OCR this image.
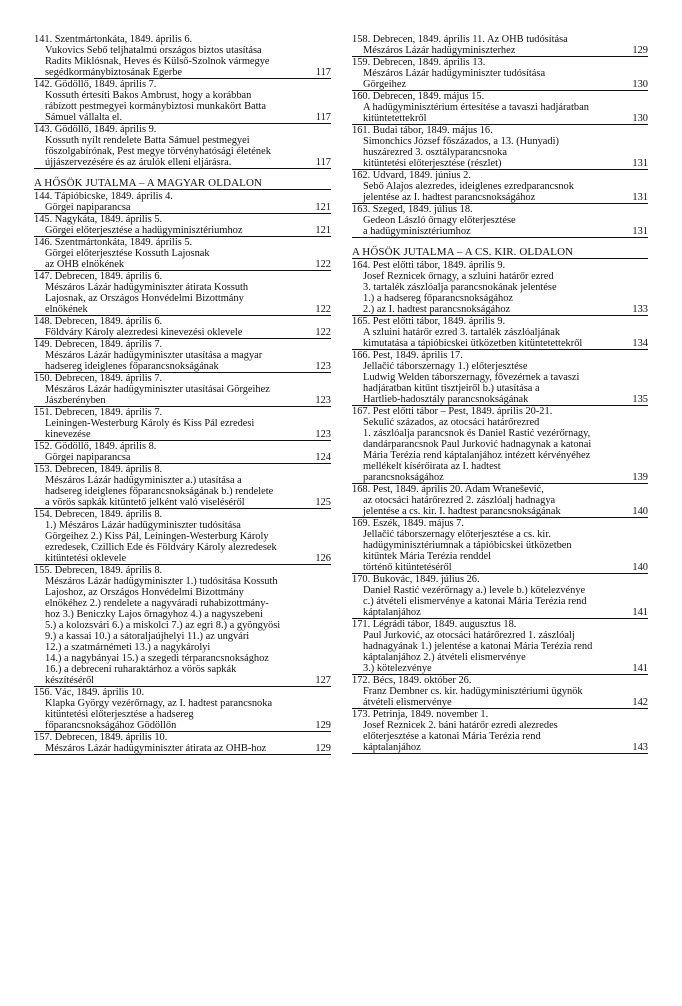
141. Szentmártonkáta, 1849. április 6.
Vukovics Sebő teljhatalmú országos biztos utasítása
Radits Miklósnak, Heves és Külső-Szolnok vármegye
segédkormánybiztosának Egerbe	117
142. Gödöllő, 1849. április 7.
Kossuth értesíti Bakos Ambrust, hogy a korábban
rábízott pestmegyei kormánybiztosi munkakört Batta
Sámuel vállalta el.	117
143. Gödöllő, 1849. április 9.
Kossuth nyílt rendelete Batta Sámuel pestmegyei
főszolgabírónak, Pest megye törvényhatósági életének
újjászervezésére és az árulók elleni eljárásra.	117
A HŐSÖK JUTALMA – A MAGYAR OLDALON
144. Tápióbicske, 1849. április 4.
Görgei napiparancsa	121
145. Nagykáta, 1849. április 5.
Görgei előterjesztése a hadügyminisztériumhoz	121
146. Szentmártonkáta, 1849. április 5.
Görgei előterjesztése Kossuth Lajosnak
az OHB elnökének	122
147. Debrecen, 1849. április 6.
Mészáros Lázár hadügyminiszter átirata Kossuth
Lajosnak, az Országos Honvédelmi Bizottmány
elnökének	122
148. Debrecen, 1849. április 6.
Földváry Károly alezredesi kinevezési oklevele	122
149. Debrecen, 1849. április 7.
Mészáros Lázár hadügyminiszter utasítása a magyar
hadsereg ideiglenes főparancsnokságának	123
150. Debrecen, 1849. április 7.
Mészáros Lázár hadügyminiszter utasításai Görgeihez
Jászberényben	123
151. Debrecen, 1849. április 7.
Leiningen-Westerburg Károly és Kiss Pál ezredesi
kinevezése	123
152. Gödöllő, 1849. április 8.
Görgei napiparancsa	124
153. Debrecen, 1849. április 8.
Mészáros Lázár hadügyminiszter a.) utasítása a
hadsereg ideiglenes főparancsnokságának b.) rendelete
a vörös sapkák kitüntető jelként való viseléséről	125
154. Debrecen, 1849. április 8.
1.) Mészáros Lázár hadügyminiszter tudósítása
Görgeihez 2.) Kiss Pál, Leiningen-Westerburg Károly
ezredesek, Czillich Ede és Földváry Károly alezredesek
kitüntetési oklevele	126
155. Debrecen, 1849. április 8.
Mészáros Lázár hadügyminiszter 1.) tudósítása Kossuth
Lajoshoz, az Országos Honvédelmi Bizottmány
elnökéhez 2.) rendelete a nagyváradi ruhabizottmány-
hoz 3.) Beniczky Lajos őrnagyhoz 4.) a nagyszebeni
5.) a kolozsvári 6.) a miskolci 7.) az egri 8.) a gyöngyösi
9.) a kassai 10.) a sátoraljaújhelyi 11.) az ungvári
12.) a szatmárnémeti 13.) a nagykárolyi
14.) a nagybányai 15.) a szegedi térparancsnoksághoz
16.) a debreceni ruharaktárhoz a vörös sapkák
készítéséről	127
156. Vác, 1849. április 10.
Klapka György vezérőrnagy, az I. hadtest parancsnoka
kitüntetési előterjesztése a hadsereg
főparancsnokságához Gödöllőn	129
157. Debrecen, 1849. április 10.
Mészáros Lázár hadügyminiszter átirata az OHB-hoz	129
158. Debrecen, 1849. április 11. Az OHB tudósítása
Mészáros Lázár hadügyminiszterhez	129
159. Debrecen, 1849. április 13.
Mészáros Lázár hadügyminiszter tudósítása
Görgeihez	130
160. Debrecen, 1849. május 15.
A hadügyminisztérium értesítése a tavaszi hadjáratban
kitüntetettekről	130
161. Budai tábor, 1849. május 16.
Simonchics József főszázados, a 13. (Hunyadi)
huszárezred 3. osztályparancsnoka
kitüntetési előterjesztése (részlet)	131
162. Udvard, 1849. június 2.
Sebő Alajos alezredes, ideiglenes ezredparancsnok
jelentése az I. hadtest parancsnokságához	131
163. Szeged, 1849. július 18.
Gedeon László őrnagy előterjesztése
a hadügyminisztériumhoz	131
A HŐSÖK JUTALMA – A CS. KIR. OLDALON
164. Pest előtti tábor, 1849. április 9.
Josef Reznicek őrnagy, a szluini határőr ezred
3. tartalék zászlóalja parancsnokának jelentése
1.) a hadsereg főparancsnokságához
2.) az I. hadtest parancsnokságához	133
165. Pest előtti tábor, 1849. április 9.
A szluini határőr ezred 3. tartalék zászlóaljának
kimutatása a tápióbicskei ütközetben kitüntetettekről	134
166. Pest, 1849. április 17.
Jellačić táborszernagy 1.) előterjesztése
Ludwig Welden táborszernagy, fővezérnek a tavaszi
hadjáratban kitűnt tisztjeiről b.) utasítása a
Hartlieb-hadosztály parancsnokságának	135
167. Pest előtti tábor – Pest, 1849. április 20-21.
Sekulić százados, az otocsáci határőrezred
1. zászlóalja parancsnok és Daniel Rastić vezérőrnagy,
dandárparancsnok Paul Jurković hadnagynak a katonai
Mária Terézia rend káptalanjához intézett kérvényéhez
mellékelt kísérőirata az I. hadtest
parancsnokságához	139
168. Pest, 1849. április 20. Adam Wranešević,
az otocsáci határőrezred 2. zászlóalj hadnagya
jelentése a cs. kir. I. hadtest parancsnokságának	140
169. Eszék, 1849. május 7.
Jellačić táborszernagy előterjesztése a cs. kir.
hadügyminisztériumnak a tápióbicskei ütközetben
kitűntek Mária Terézia renddel
történő kitüntetéséről	140
170. Bukovác, 1849. július 26.
Daniel Rastić vezérőrnagy a.) levele b.) kötelezvénye
c.) átvételi elismervénye a katonai Mária Terézia rend
káptalanjához	141
171. Légrádi tábor, 1849. augusztus 18.
Paul Jurković, az otocsáci határőrezred 1. zászlóalj
hadnagyának 1.) jelentése a katonai Mária Terézia rend
káptalanjához 2.) átvételi elismervénye
3.) kötelezvénye	141
172. Bécs, 1849. október 26.
Franz Dembner cs. kir. hadügyminisztériumi ügynök
átvételi elismervénye	142
173. Petrinja, 1849. november 1.
Josef Reznicek 2. báni határőr ezredi alezredes
előterjesztése a katonai Mária Terézia rend
káptalanjához	143
